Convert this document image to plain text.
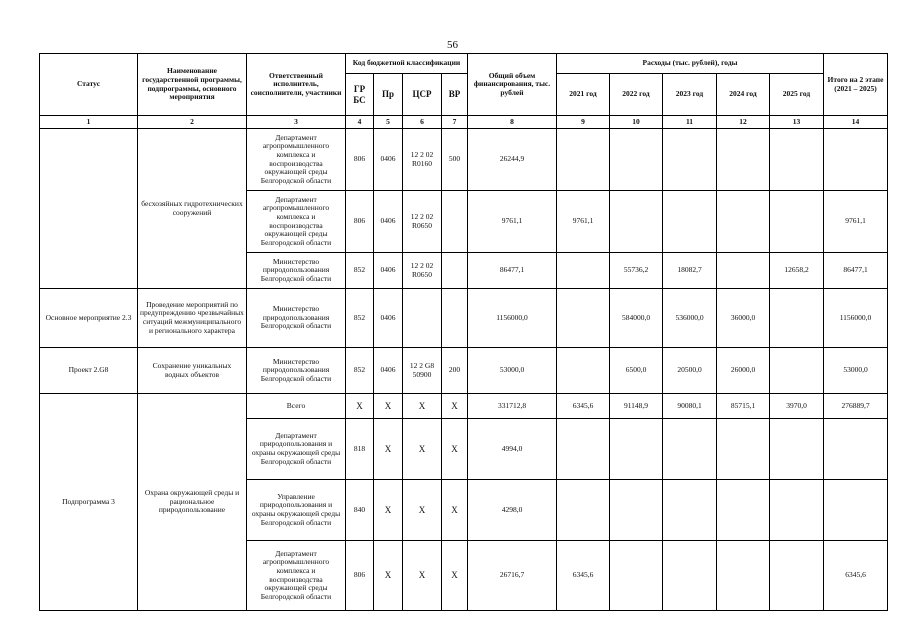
56
Статус	Наименование государственной программы, подпрограммы, основного мероприятия	Ответственный исполнитель, соисполнители, участники	Код бюджетной классификации				Общий объем финансирования, тыс. рублей	Расходы (тыс. рублей), годы					Итого на 2 этапе (2021 – 2025)
			ГР БС	Пр	ЦСР	ВР		2021 год	2022 год	2023 год	2024 год	2025 год	
1	2	3	4	5	6	7	8	9	10	11	12	13	14
	бесхозяйных гидротехнических сооружений	Департамент агропромышленного комплекса и воспроизводства окружающей среды Белгородской области	806	0406	12 2 02 R0160	500	26244,9						
		Департамент агропромышленного комплекса и воспроизводства окружающей среды Белгородской области	806	0406	12 2 02 R0650		9761,1	9761,1					9761,1
		Министерство природопользования Белгородской области	852	0406	12 2 02 R0650		86477,1		55736,2	18082,7		12658,2	86477,1
Основное мероприятие 2.3	Проведение мероприятий по предупреждению чрезвычайных ситуаций межмуниципального и регионального характера	Министерство природопользования Белгородской области	852	0406			1156000,0		584000,0	536000,0	36000,0		1156000,0
Проект 2.G8	Сохранение уникальных водных объектов	Министерство природопользования Белгородской области	852	0406	12 2 G8 50900	200	53000,0		6500,0	20500,0	26000,0		53000,0
Подпрограмма 3	Охрана окружающей среды и рациональное природопользование	Всего	X	X	X	X	331712,8	6345,6	91148,9	90080,1	85715,1	3970,0	276889,7
		Департамент природопользования и охраны окружающей среды Белгородской области	818	X	X	X	4994,0						
		Управление природопользования и охраны окружающей среды Белгородской области	840	X	X	X	4298,0						
		Департамент агропромышленного комплекса и воспроизводства окружающей среды Белгородской области	806	X	X	X	26716,7	6345,6					6345,6
